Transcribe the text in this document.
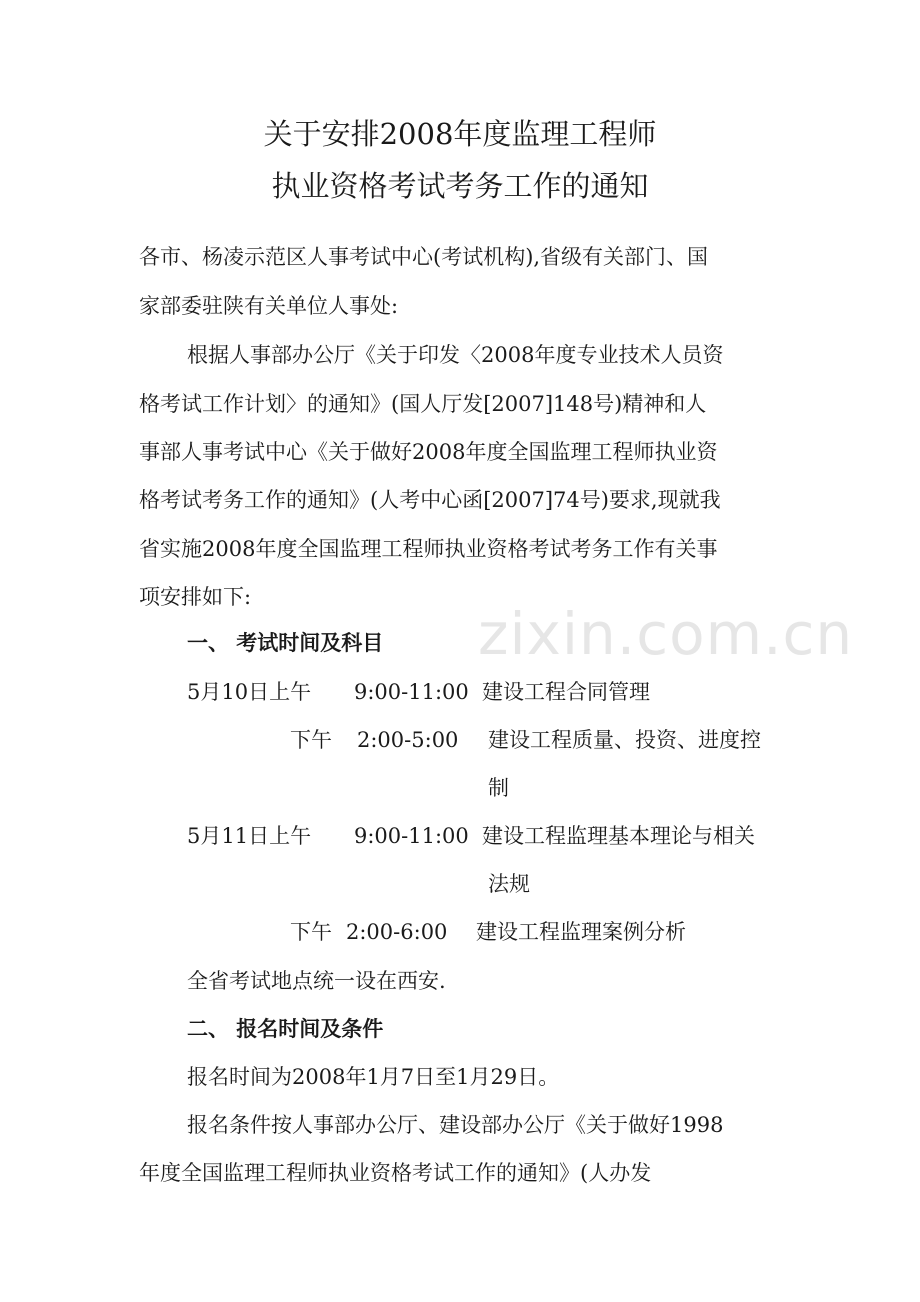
zixin.com.cn
关于安排2008年度监理工程师
执业资格考试考务工作的通知
各市、杨凌示范区人事考试中心(考试机构),省级有关部门、国
家部委驻陕有关单位人事处:
根据人事部办公厅《关于印发〈2008年度专业技术人员资
格考试工作计划〉的通知》(国人厅发[2007]148号)精神和人
事部人事考试中心《关于做好2008年度全国监理工程师执业资
格考试考务工作的通知》(人考中心函[2007]74号)要求,现就我
省实施2008年度全国监理工程师执业资格考试考务工作有关事
项安排如下:
一、 考试时间及科目
5月10日上午 9:00-11:00 建设工程合同管理
下午 2:00-5:00 建设工程质量、投资、进度控
制
5月11日上午 9:00-11:00 建设工程监理基本理论与相关
法规
下午 2:00-6:00 建设工程监理案例分析
全省考试地点统一设在西安.
二、 报名时间及条件
报名时间为2008年1月7日至1月29日。
报名条件按人事部办公厅、建设部办公厅《关于做好1998
年度全国监理工程师执业资格考试工作的通知》(人办发
